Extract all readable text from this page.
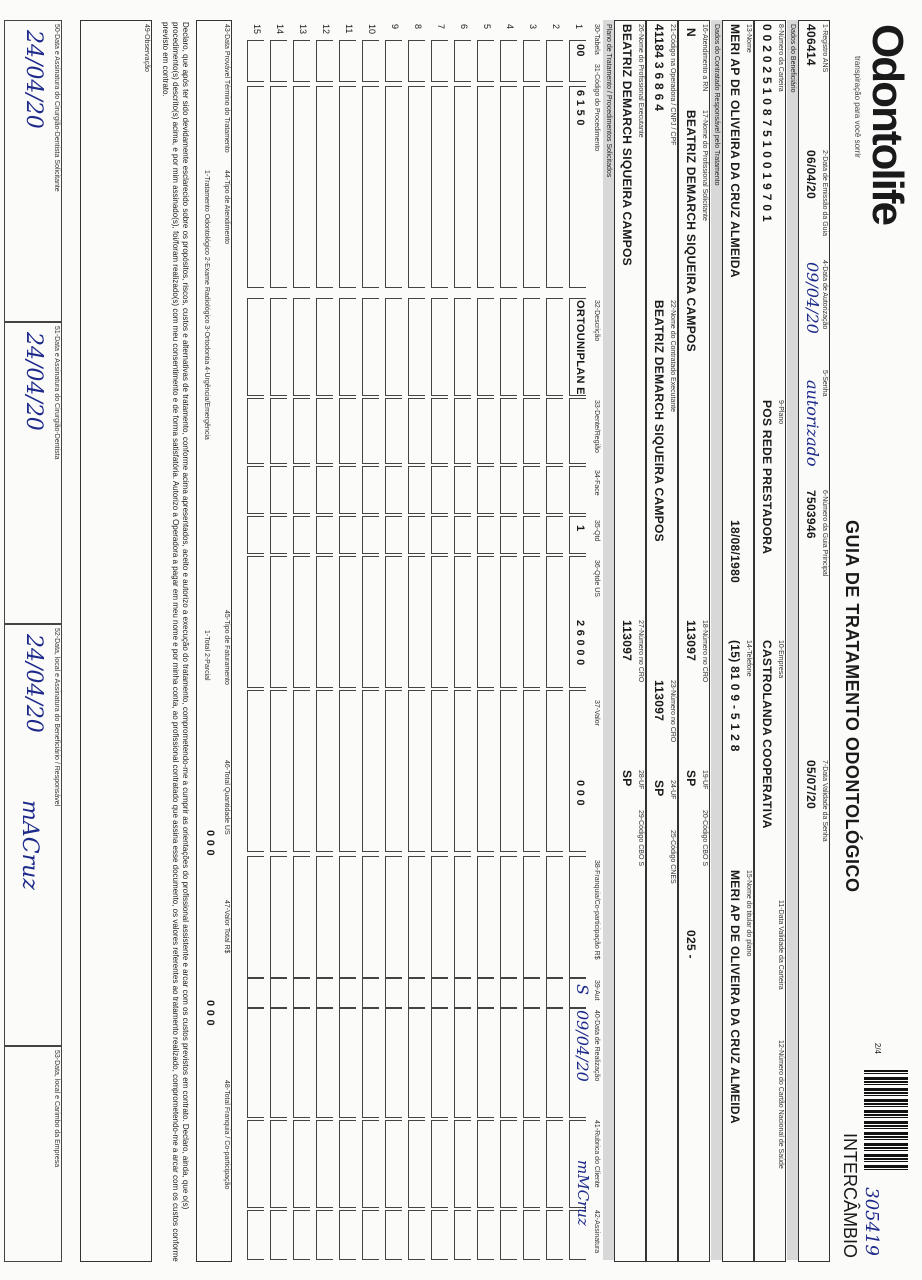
Odontolife
transpiração para você sorrir
GUIA DE TRATAMENTO ODONTOLÓGICO
2/4
305419
INTERCÂMBIO
1-Registro ANS
406414
2-Data de Emissão da Guia
06/04/20
4-Data de Autorização
09/04/20
5-Senha
autorizado
6-Número da Guia Principal
7503946
7-Data Validade da Senha
05/07/20
Dados do Beneficiário
8-Número da Carteira
0 0 2 0 2 5 1 0 8 7 5 1 0 0 1 9 7 0 1
9-Plano
POS REDE PRESTADORA
10-Empresa
CASTROLANDA COOPERATIVA
11-Data Validade da Carteira
12-Número do Cartão Nacional de Saúde
13-Nome
MERI AP DE OLIVEIRA DA CRUZ ALMEIDA
18/08/1980
14-Telefone
(15) 81 0 9 - 5 1 2 8
15-Nome do titular do plano
MERI AP DE OLIVEIRA DA CRUZ ALMEIDA
Dados do Contratado Responsável pelo Tratamento
16-Atendimento a RN
N
17-Nome do Profissional Solicitante
BEATRIZ DEMARCH SIQUEIRA CAMPOS
18-Número no CRO
113097
19-UF
SP
20-Código CBO S
025 -
21-Código na Operadora / CNPJ / CPF
41184 3 6 8 6 4
22-Nome do Contratado Executante
BEATRIZ DEMARCH SIQUEIRA CAMPOS
23-Número no CRO
113097
24-UF
SP
25-Código CNES
26-Nome do Profissional Executante
BEATRIZ DEMARCH SIQUEIRA CAMPOS
27-Número no CRO
113097
28-UF
SP
29-Código CBO S
Plano de Tratamento / Procedimentos Solicitados
30-Tabela
31-Código do Procedimento
32-Descrição
33-Dente/Região
34-Face
35-Qtd
36-Qtde US
37-Valor
38-Franquia/Co-participação R$
39-Aut
40-Data de Realização
41-Rubrica do Cliente
42-Assinatura
1
2
3
4
5
6
7
8
9
10
11
12
13
14
15
00
6 1 5 0
ORTOUNIPLAN E
1
2 6 0 0 0
0 0 0
S
09/04/20
mMCruz
43-Data Provável Término do Tratamento
44-Tipo de Atendimento
1-Tratamento Odontológico 2-Exame Radiológico 3-Ortodontia 4-Urgência/Emergência
45-Tipo de Faturamento
1-Total 2-Parcial
46-Total Quantidade US
0 0 0
47-Valor Total R$
0 0 0
48-Total Franquia / Co-participação
Declaro, que após ter sido devidamente esclarecido sobre os propósitos, riscos, custos e alternativas de tratamento, conforme acima apresentados, aceito e autorizo a execução do tratamento, comprometendo-me a cumprir as orientações do profissional assistente e arcar com os custos previstos em contrato. Declaro, ainda, que o(s) procedimento(s) descrito(s) acima, e por mim assinado(s), foi/foram realizado(s) com meu consentimento e de forma satisfatória. Autorizo a Operadora a pagar em meu nome e por minha conta, ao profissional contratado que assina esse documento, os valores referentes ao tratamento realizado, comprometendo-me a arcar com os custos conforme previsto em contrato.
49-Observação
50-Data e Assinatura do Cirurgião-Dentista Solicitante
24/04/20
51-Data e Assinatura do Cirurgião-Dentista
24/04/20
52-Data, local e Assinatura do Beneficiário / Responsável
24/04/20
mACruz
53-Data, local e Carimbo da Empresa
